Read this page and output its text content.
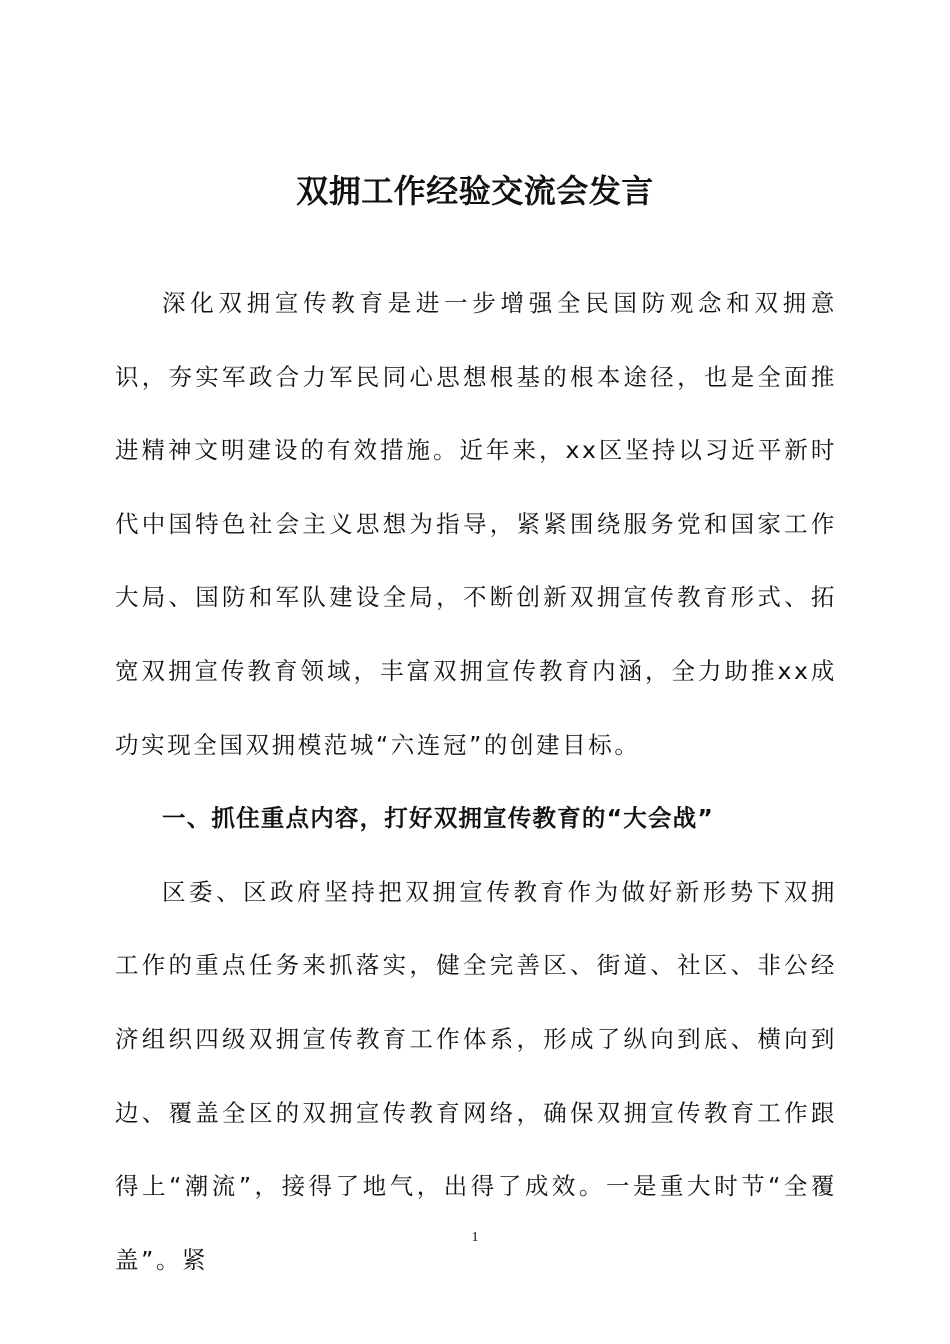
双拥工作经验交流会发言

深化双拥宣传教育是进一步增强全民国防观念和双拥意识，夯实军政合力军民同心思想根基的根本途径，也是全面推进精神文明建设的有效措施。近年来，xx区坚持以习近平新时代中国特色社会主义思想为指导，紧紧围绕服务党和国家工作大局、国防和军队建设全局，不断创新双拥宣传教育形式、拓宽双拥宣传教育领域，丰富双拥宣传教育内涵，全力助推xx成功实现全国双拥模范城“六连冠”的创建目标。

一、抓住重点内容，打好双拥宣传教育的“大会战”

区委、区政府坚持把双拥宣传教育作为做好新形势下双拥工作的重点任务来抓落实，健全完善区、街道、社区、非公经济组织四级双拥宣传教育工作体系，形成了纵向到底、横向到边、覆盖全区的双拥宣传教育网络，确保双拥宣传教育工作跟得上“潮流”，接得了地气，出得了成效。一是重大时节“全覆盖”。紧

1
